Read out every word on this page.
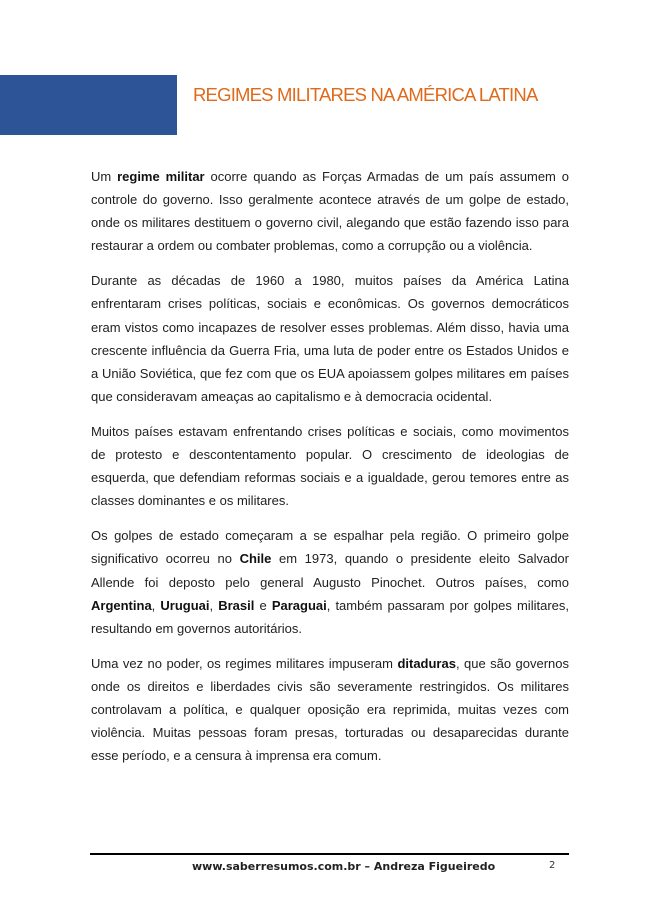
REGIMES MILITARES NA AMÉRICA LATINA

Um regime militar ocorre quando as Forças Armadas de um país assumem o controle do governo. Isso geralmente acontece através de um golpe de estado, onde os militares destituem o governo civil, alegando que estão fazendo isso para restaurar a ordem ou combater problemas, como a corrupção ou a violência.

Durante as décadas de 1960 a 1980, muitos países da América Latina enfrentaram crises políticas, sociais e econômicas. Os governos democráticos eram vistos como incapazes de resolver esses problemas. Além disso, havia uma crescente influência da Guerra Fria, uma luta de poder entre os Estados Unidos e a União Soviética, que fez com que os EUA apoiassem golpes militares em países que consideravam ameaças ao capitalismo e à democracia ocidental.

Muitos países estavam enfrentando crises políticas e sociais, como movimentos de protesto e descontentamento popular. O crescimento de ideologias de esquerda, que defendiam reformas sociais e a igualdade, gerou temores entre as classes dominantes e os militares.

Os golpes de estado começaram a se espalhar pela região. O primeiro golpe significativo ocorreu no Chile em 1973, quando o presidente eleito Salvador Allende foi deposto pelo general Augusto Pinochet. Outros países, como Argentina, Uruguai, Brasil e Paraguai, também passaram por golpes militares, resultando em governos autoritários.

Uma vez no poder, os regimes militares impuseram ditaduras, que são governos onde os direitos e liberdades civis são severamente restringidos. Os militares controlavam a política, e qualquer oposição era reprimida, muitas vezes com violência. Muitas pessoas foram presas, torturadas ou desaparecidas durante esse período, e a censura à imprensa era comum.

www.saberresumos.com.br – Andreza Figueiredo	2
